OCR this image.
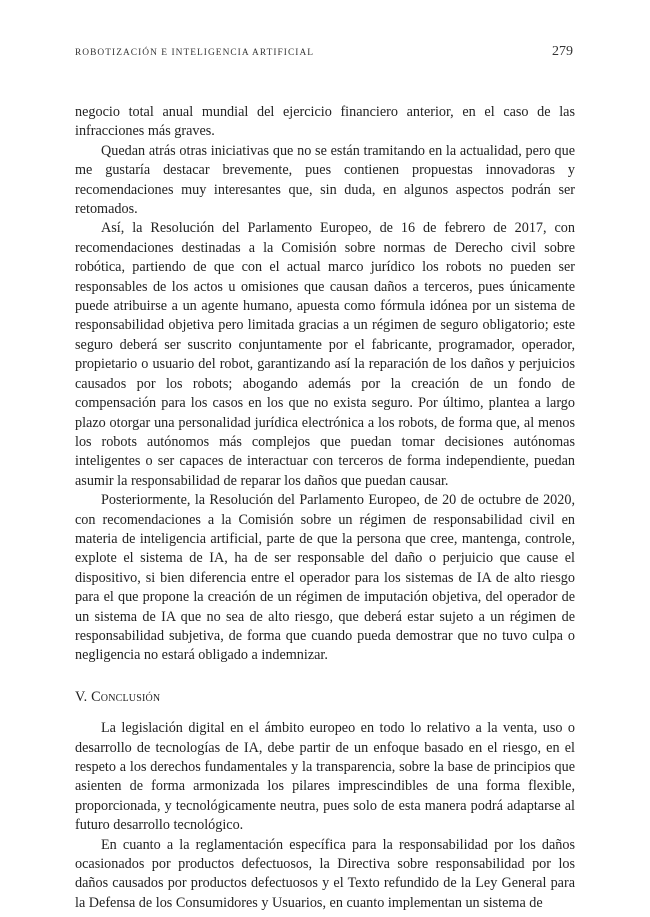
ROBOTIZACIÓN E INTELIGENCIA ARTIFICIAL	279

negocio total anual mundial del ejercicio financiero anterior, en el caso de las infracciones más graves.

Quedan atrás otras iniciativas que no se están tramitando en la actualidad, pero que me gustaría destacar brevemente, pues contienen propuestas innovadoras y recomendaciones muy interesantes que, sin duda, en algunos aspectos podrán ser retomados.

Así, la Resolución del Parlamento Europeo, de 16 de febrero de 2017, con recomendaciones destinadas a la Comisión sobre normas de Derecho civil sobre robótica, partiendo de que con el actual marco jurídico los robots no pueden ser responsables de los actos u omisiones que causan daños a terceros, pues únicamente puede atribuirse a un agente humano, apuesta como fórmula idónea por un sistema de responsabilidad objetiva pero limitada gracias a un régimen de seguro obligatorio; este seguro deberá ser suscrito conjuntamente por el fabricante, programador, operador, propietario o usuario del robot, garantizando así la reparación de los daños y perjuicios causados por los robots; abogando además por la creación de un fondo de compensación para los casos en los que no exista seguro. Por último, plantea a largo plazo otorgar una personalidad jurídica electrónica a los robots, de forma que, al menos los robots autónomos más complejos que puedan tomar decisiones autónomas inteligentes o ser capaces de interactuar con terceros de forma independiente, puedan asumir la responsabilidad de reparar los daños que puedan causar.

Posteriormente, la Resolución del Parlamento Europeo, de 20 de octubre de 2020, con recomendaciones a la Comisión sobre un régimen de responsabilidad civil en materia de inteligencia artificial, parte de que la persona que cree, mantenga, controle, explote el sistema de IA, ha de ser responsable del daño o perjuicio que cause el dispositivo, si bien diferencia entre el operador para los sistemas de IA de alto riesgo para el que propone la creación de un régimen de imputación objetiva, del operador de un sistema de IA que no sea de alto riesgo, que deberá estar sujeto a un régimen de responsabilidad subjetiva, de forma que cuando pueda demostrar que no tuvo culpa o negligencia no estará obligado a indemnizar.

V. Conclusión

La legislación digital en el ámbito europeo en todo lo relativo a la venta, uso o desarrollo de tecnologías de IA, debe partir de un enfoque basado en el riesgo, en el respeto a los derechos fundamentales y la transparencia, sobre la base de principios que asienten de forma armonizada los pilares imprescindibles de una forma flexible, proporcionada, y tecnológicamente neutra, pues solo de esta manera podrá adaptarse al futuro desarrollo tecnológico.

En cuanto a la reglamentación específica para la responsabilidad por los daños ocasionados por productos defectuosos, la Directiva sobre responsabilidad por los daños causados por productos defectuosos y el Texto refundido de la Ley General para la Defensa de los Consumidores y Usuarios, en cuanto implementan un sistema de
